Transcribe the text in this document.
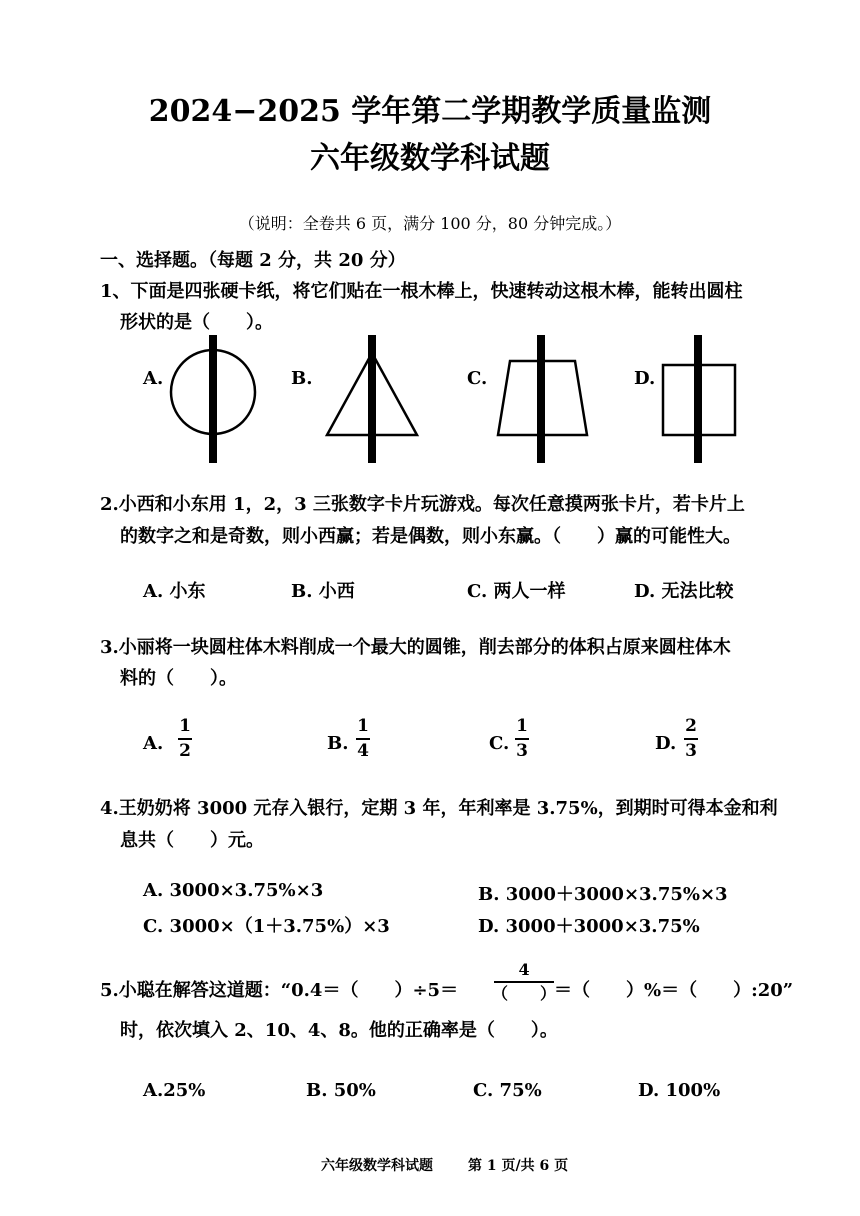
2024−2025 学年第二学期教学质量监测
六年级数学科试题
（说明：全卷共 6 页，满分 100 分，80 分钟完成。）
一、选择题。（每题 2 分，共 20 分）
1、下面是四张硬卡纸，将它们贴在一根木棒上，快速转动这根木棒，能转出圆柱
形状的是（　　）。
A.	B.	C.	D.
2.小西和小东用 1，2，3 三张数字卡片玩游戏。每次任意摸两张卡片，若卡片上
的数字之和是奇数，则小西赢；若是偶数，则小东赢。（　　）赢的可能性大。
A. 小东	B. 小西	C. 两人一样	D. 无法比较
3.小丽将一块圆柱体木料削成一个最大的圆锥，削去部分的体积占原来圆柱体木
料的（　　）。
A.
1
2	B.
1
4	C.
1
3	D.
2
3
4.王奶奶将 3000 元存入银行，定期 3 年，年利率是 3.75%，到期时可得本金和利
息共（　　）元。
A. 3000×3.75%×3	B. 3000＋3000×3.75%×3
C. 3000×（1＋3.75%）×3	D. 3000＋3000×3.75%
5.小聪在解答这道题：“0.4＝（　　）÷5＝
4
（　　）
＝（　　）%＝（　　）:20”
时，依次填入 2、10、4、8。他的正确率是（　　）。
A.25%	B. 50%	C. 75%	D. 100%
六年级数学科试题	第 1 页/共 6 页
